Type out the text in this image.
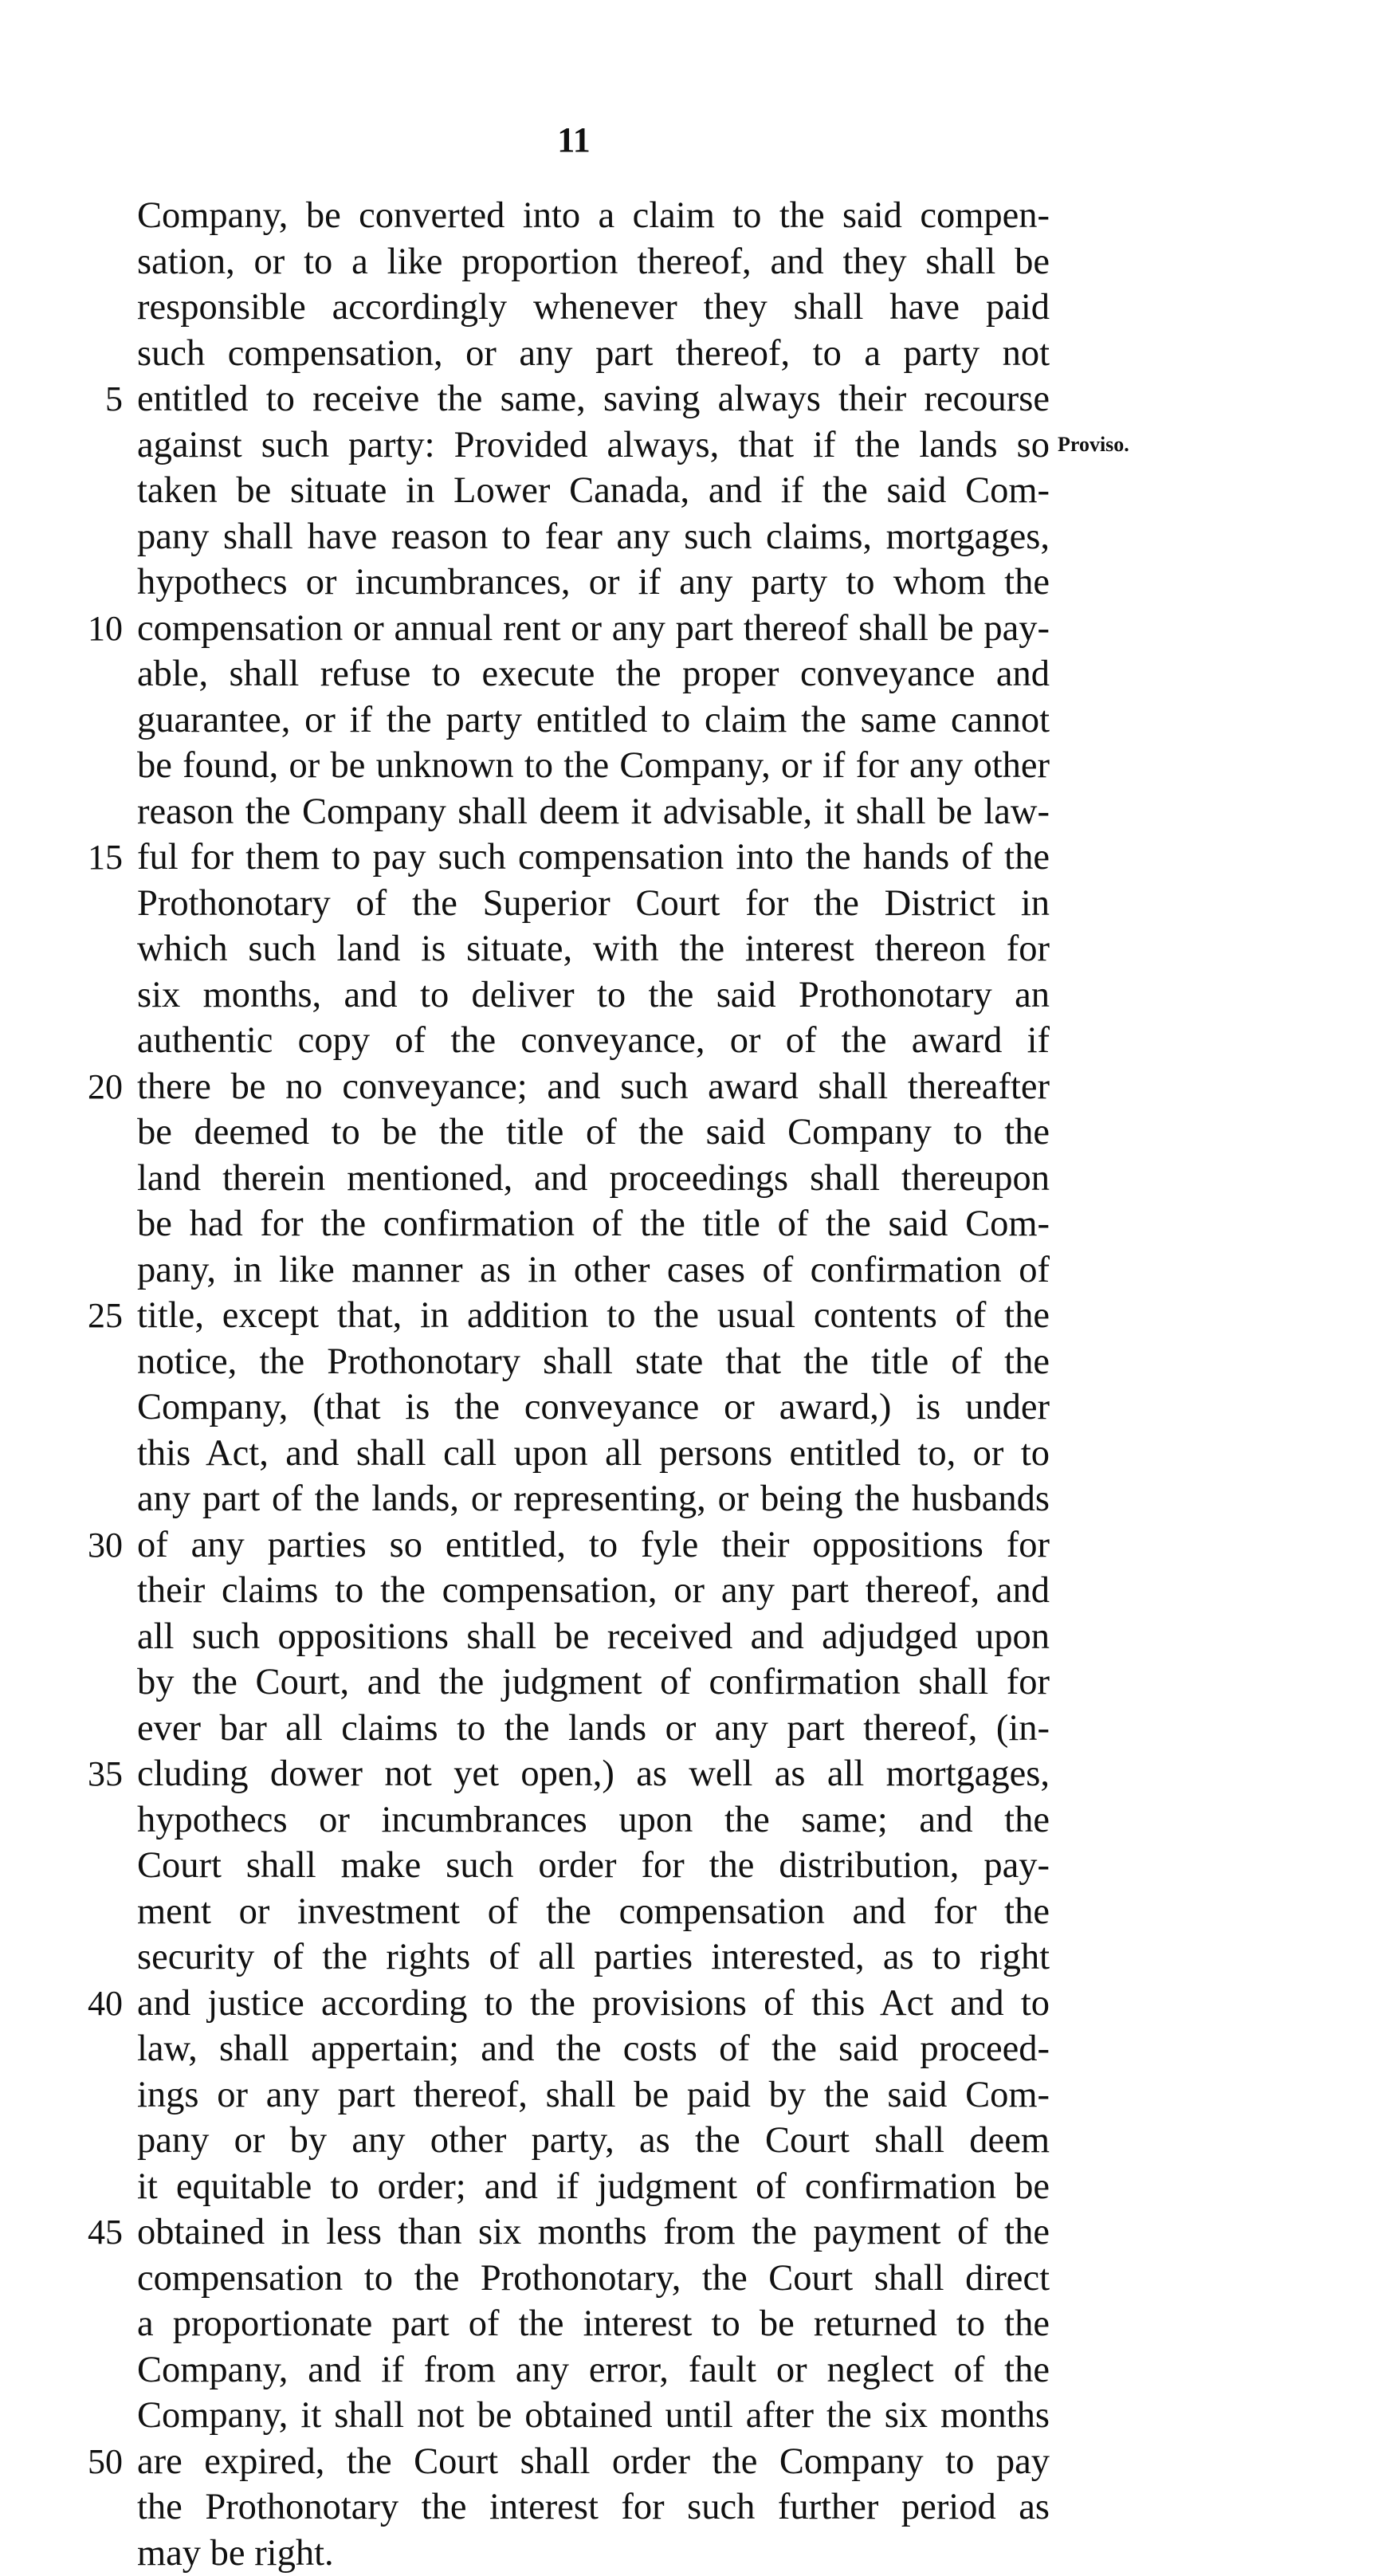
11
Company, be converted into a claim to the said compen-
sation, or to a like proportion thereof, and they shall be
responsible accordingly whenever they shall have paid
such compensation, or any part thereof, to a party not
5 entitled to receive the same, saving always their recourse
against such party: Provided always, that if the lands so
taken be situate in Lower Canada, and if the said Com-
pany shall have reason to fear any such claims, mortgages,
hypothecs or incumbrances, or if any party to whom the
10 compensation or annual rent or any part thereof shall be pay-
able, shall refuse to execute the proper conveyance and
guarantee, or if the party entitled to claim the same cannot
be found, or be unknown to the Company, or if for any other
reason the Company shall deem it advisable, it shall be law-
15 ful for them to pay such compensation into the hands of the
Prothonotary of the Superior Court for the District in
which such land is situate, with the interest thereon for
six months, and to deliver to the said Prothonotary an
authentic copy of the conveyance, or of the award if
20 there be no conveyance; and such award shall thereafter
be deemed to be the title of the said Company to the
land therein mentioned, and proceedings shall thereupon
be had for the confirmation of the title of the said Com-
pany, in like manner as in other cases of confirmation of
25 title, except that, in addition to the usual contents of the
notice, the Prothonotary shall state that the title of the
Company, (that is the conveyance or award,) is under
this Act, and shall call upon all persons entitled to, or to
any part of the lands, or representing, or being the husbands
30 of any parties so entitled, to fyle their oppositions for
their claims to the compensation, or any part thereof, and
all such oppositions shall be received and adjudged upon
by the Court, and the judgment of confirmation shall for
ever bar all claims to the lands or any part thereof, (in-
35 cluding dower not yet open,) as well as all mortgages,
hypothecs or incumbrances upon the same; and the
Court shall make such order for the distribution, pay-
ment or investment of the compensation and for the
security of the rights of all parties interested, as to right
40 and justice according to the provisions of this Act and to
law, shall appertain; and the costs of the said proceed-
ings or any part thereof, shall be paid by the said Com-
pany or by any other party, as the Court shall deem
it equitable to order; and if judgment of confirmation be
45 obtained in less than six months from the payment of the
compensation to the Prothonotary, the Court shall direct
a proportionate part of the interest to be returned to the
Company, and if from any error, fault or neglect of the
Company, it shall not be obtained until after the six months
50 are expired, the Court shall order the Company to pay
the Prothonotary the interest for such further period as
may be right.
Proviso.
